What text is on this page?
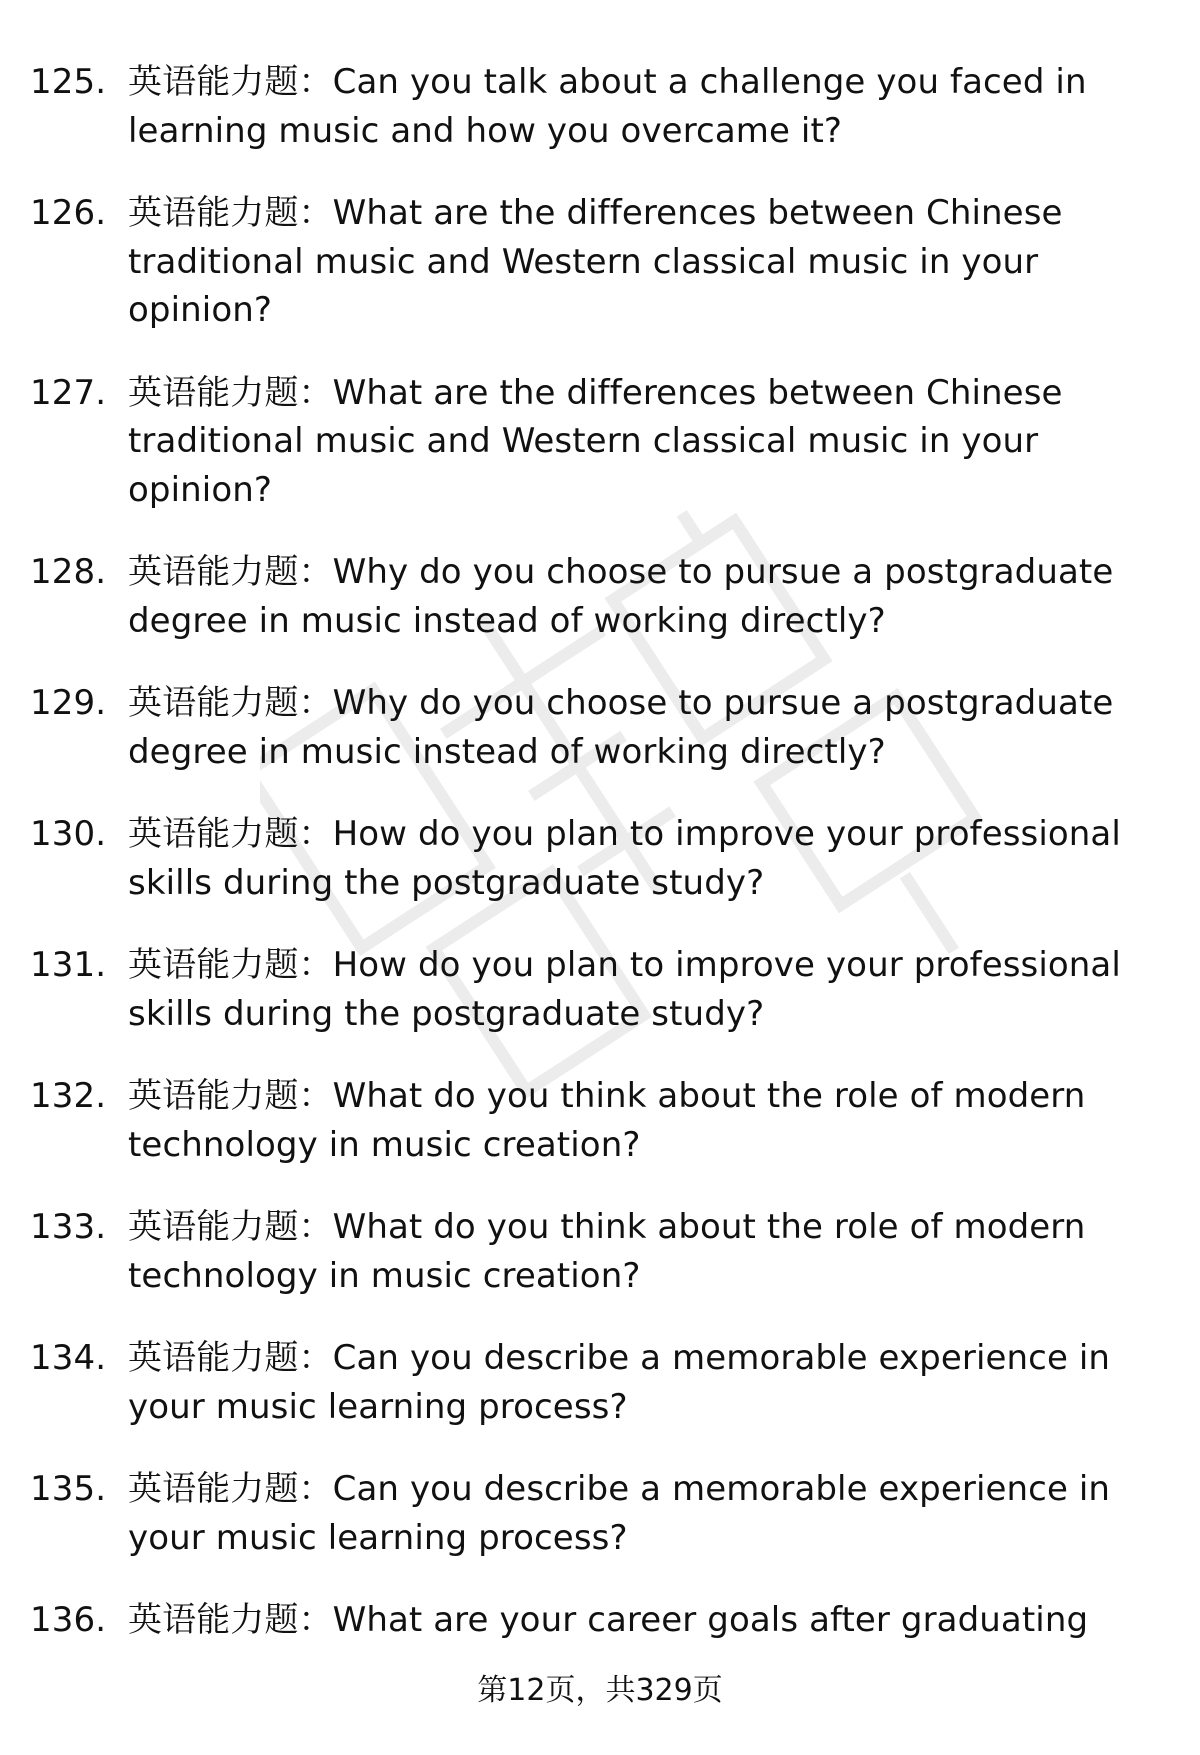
125. 英语能力题：Can you talk about a challenge you faced in learning music and how you overcame it?
126. 英语能力题：What are the differences between Chinese traditional music and Western classical music in your opinion?
127. 英语能力题：What are the differences between Chinese traditional music and Western classical music in your opinion?
128. 英语能力题：Why do you choose to pursue a postgraduate degree in music instead of working directly?
129. 英语能力题：Why do you choose to pursue a postgraduate degree in music instead of working directly?
130. 英语能力题：How do you plan to improve your professional skills during the postgraduate study?
131. 英语能力题：How do you plan to improve your professional skills during the postgraduate study?
132. 英语能力题：What do you think about the role of modern technology in music creation?
133. 英语能力题：What do you think about the role of modern technology in music creation?
134. 英语能力题：Can you describe a memorable experience in your music learning process?
135. 英语能力题：Can you describe a memorable experience in your music learning process?
136. 英语能力题：What are your career goals after graduating
第12页，共329页
